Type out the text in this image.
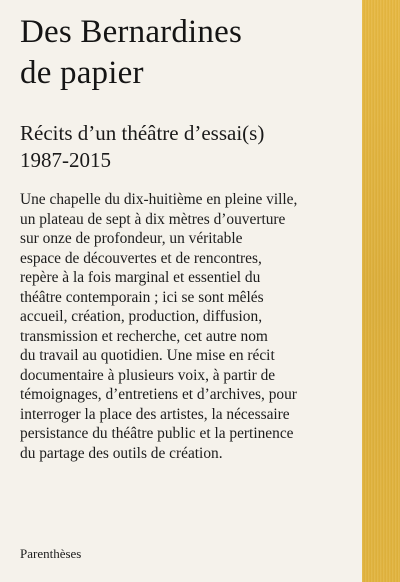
Des Bernardines
de papier
Récits d’un théâtre d’essai(s)
1987-2015
Une chapelle du dix-huitième en pleine ville,
un plateau de sept à dix mètres d’ouverture
sur onze de profondeur, un véritable
espace de découvertes et de rencontres,
repère à la fois marginal et essentiel du
théâtre contemporain ; ici se sont mêlés
accueil, création, production, diffusion,
transmission et recherche, cet autre nom
du travail au quotidien. Une mise en récit
documentaire à plusieurs voix, à partir de
témoignages, d’entretiens et d’archives, pour
interroger la place des artistes, la nécessaire
persistance du théâtre public et la pertinence
du partage des outils de création.
Parenthèses
